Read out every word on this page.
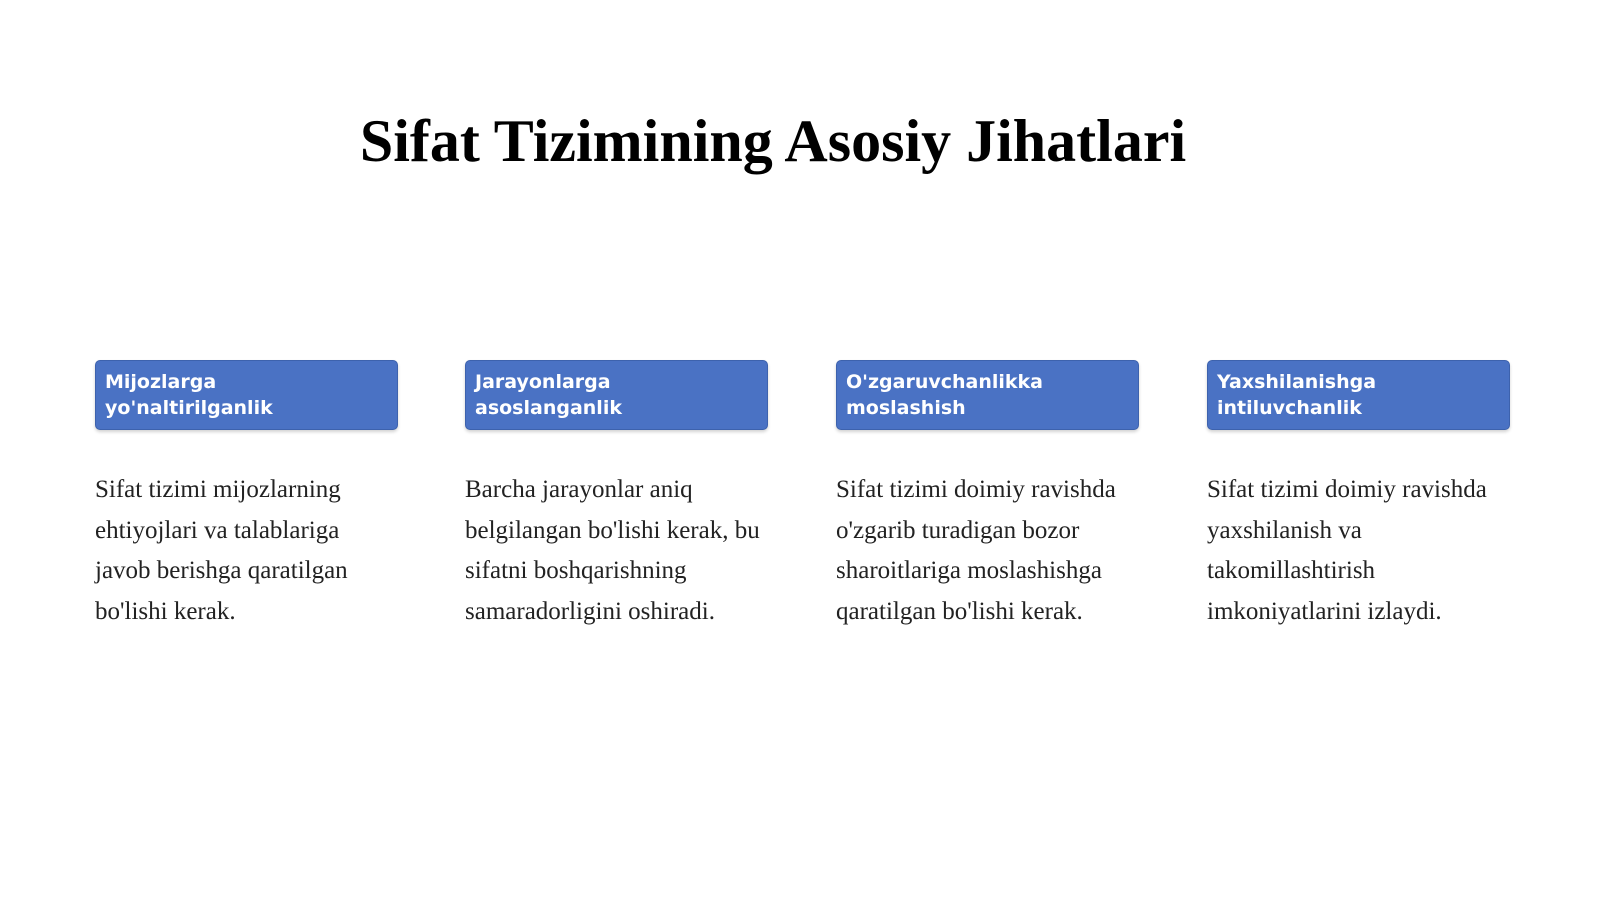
Sifat Tizimining Asosiy Jihatlari
Mijozlarga yo'naltirilganlik
Sifat tizimi mijozlarning ehtiyojlari va talablariga javob berishga qaratilgan bo'lishi kerak.
Jarayonlarga asoslanganlik
Barcha jarayonlar aniq belgilangan bo'lishi kerak, bu sifatni boshqarishning samaradorligini oshiradi.
O'zgaruvchanlikka moslashish
Sifat tizimi doimiy ravishda o'zgarib turadigan bozor sharoitlariga moslashishga qaratilgan bo'lishi kerak.
Yaxshilanishga intiluvchanlik
Sifat tizimi doimiy ravishda yaxshilanish va takomillashtirish imkoniyatlarini izlaydi.
